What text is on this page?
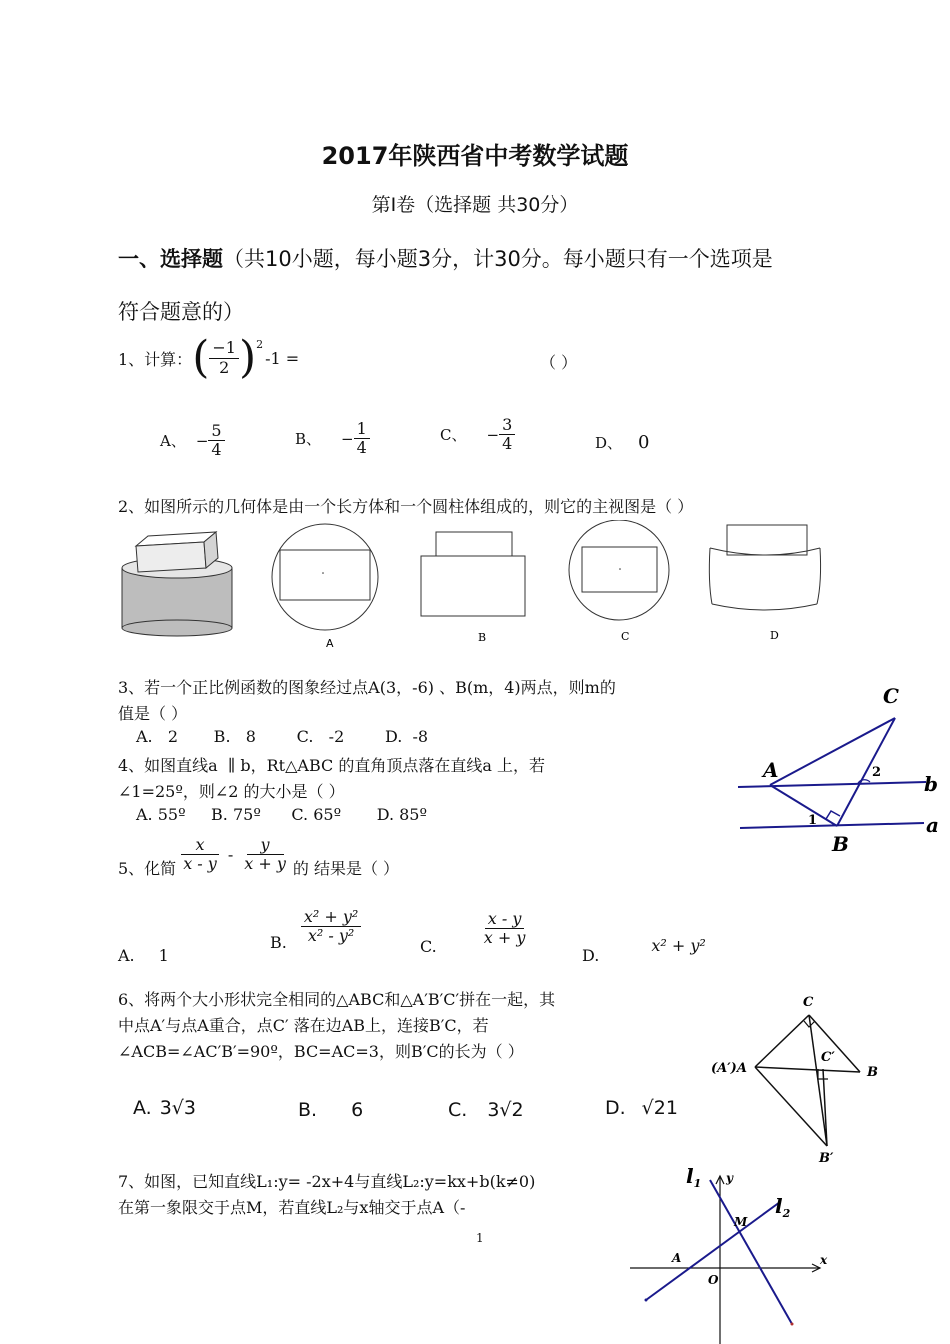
2017年陕西省中考数学试题
第Ⅰ卷（选择题 共30分）
一、选择题（共10小题，每小题3分，计30分。每小题只有一个选项是
符合题意的）
1、计算： ( $\frac{-1}{2}$ ) 2
-1 =	（ ）
A、 − $\frac{5}{4}$	B、 − $\frac{1}{4}$	C、 − $\frac{3}{4}$	D、 0
2、如图所示的几何体是由一个长方体和一个圆柱体组成的，则它的主视图是（ ）
A	B	C	D
3、若一个正比例函数的图象经过点A(3，-6) 、B(m，4)两点，则m的
值是（ ）
A.   2       B.   8        C.   -2        D.  -8
4、如图直线a  ∥ b，Rt△ABC 的直角顶点落在直线a 上，若
∠1=25º，则∠2 的大小是（ ）
A. 55º     B. 75º      C. 65º       D. 85º
C
A
B
b
a
1
2
5、化简 $\frac{x}{x - y} - \frac{y}{x + y}$ 的 结果是（ ）
A. 1
B. $\frac{\text{x² + y²}}{\text{x² - y²}}$
C.	$\frac{x - y}{x + y}$
D.
x² + y²
6、将两个大小形状完全相同的△ABC和△A′B′C′拼在一起，其
中点A′与点A重合，点C′ 落在边AB上，连接B′C，若
∠ACB=∠AC′B′=90º，BC=AC=3，则B′C的长为（ ）
A. 3√3	B. 6	C. 3√2	D. √21
C
(A′)A
C′
B
B′
7、如图，已知直线L₁:y= -2x+4与直线L₂:y=kx+b(k≠0)
在第一象限交于点M，若直线L₂与x轴交于点A（-
$l_1$
$l_2$
y
x
M
A
O
1
